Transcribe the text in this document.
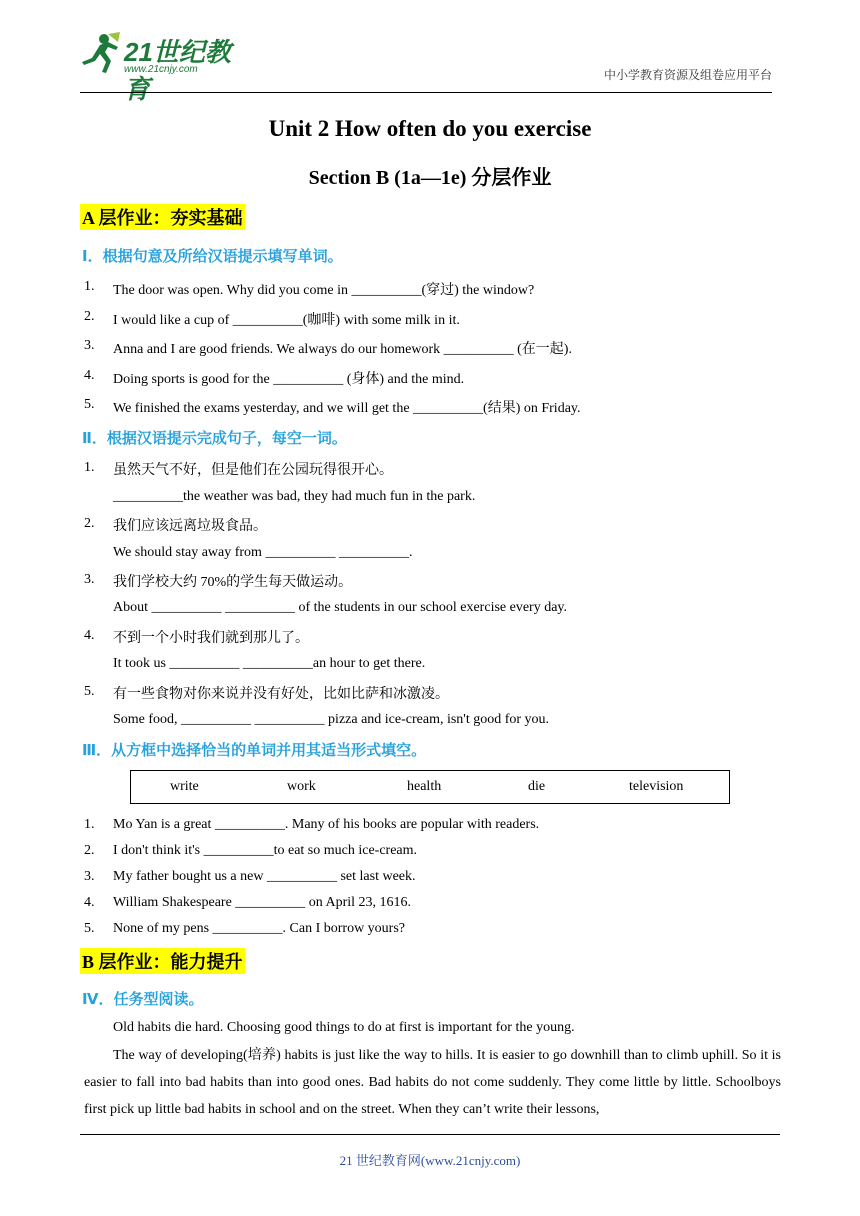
21世纪教育
www.21cnjy.com	中小学教育资源及组卷应用平台
Unit 2 How often do you exercise
Section B (1a—1e) 分层作业
A 层作业：夯实基础
Ⅰ．根据句意及所给汉语提示填写单词。
1. The door was open. Why did you come in __________(穿过) the window?
2. I would like a cup of __________(咖啡) with some milk in it.
3. Anna and I are good friends. We always do our homework __________ (在一起).
4. Doing sports is good for the __________ (身体) and the mind.
5. We finished the exams yesterday, and we will get the __________(结果) on Friday.
Ⅱ．根据汉语提示完成句子，每空一词。
1. 虽然天气不好，但是他们在公园玩得很开心。
__________the weather was bad, they had much fun in the park.
2. 我们应该远离垃圾食品。
We should stay away from __________ __________.
3. 我们学校大约 70%的学生每天做运动。
About __________ __________ of the students in our school exercise every day.
4. 不到一个小时我们就到那儿了。
It took us __________ __________an hour to get there.
5. 有一些食物对你来说并没有好处，比如比萨和冰激凌。
Some food, __________ __________ pizza and ice-cream, isn't good for you.
Ⅲ．从方框中选择恰当的单词并用其适当形式填空。
write	work	health	die	television
1. Mo Yan is a great __________. Many of his books are popular with readers.
2. I don't think it's __________to eat so much ice-cream.
3. My father bought us a new __________ set last week.
4. William Shakespeare __________ on April 23, 1616.
5. None of my pens __________. Can I borrow yours?
B 层作业：能力提升
Ⅳ．任务型阅读。
Old habits die hard. Choosing good things to do at first is important for the young.
The way of developing(培养) habits is just like the way to hills. It is easier to go downhill than to climb uphill. So it is easier to fall into bad habits than into good ones. Bad habits do not come suddenly. They come little by little. Schoolboys first pick up little bad habits in school and on the street. When they can’t write their lessons,
21 世纪教育网(www.21cnjy.com)
